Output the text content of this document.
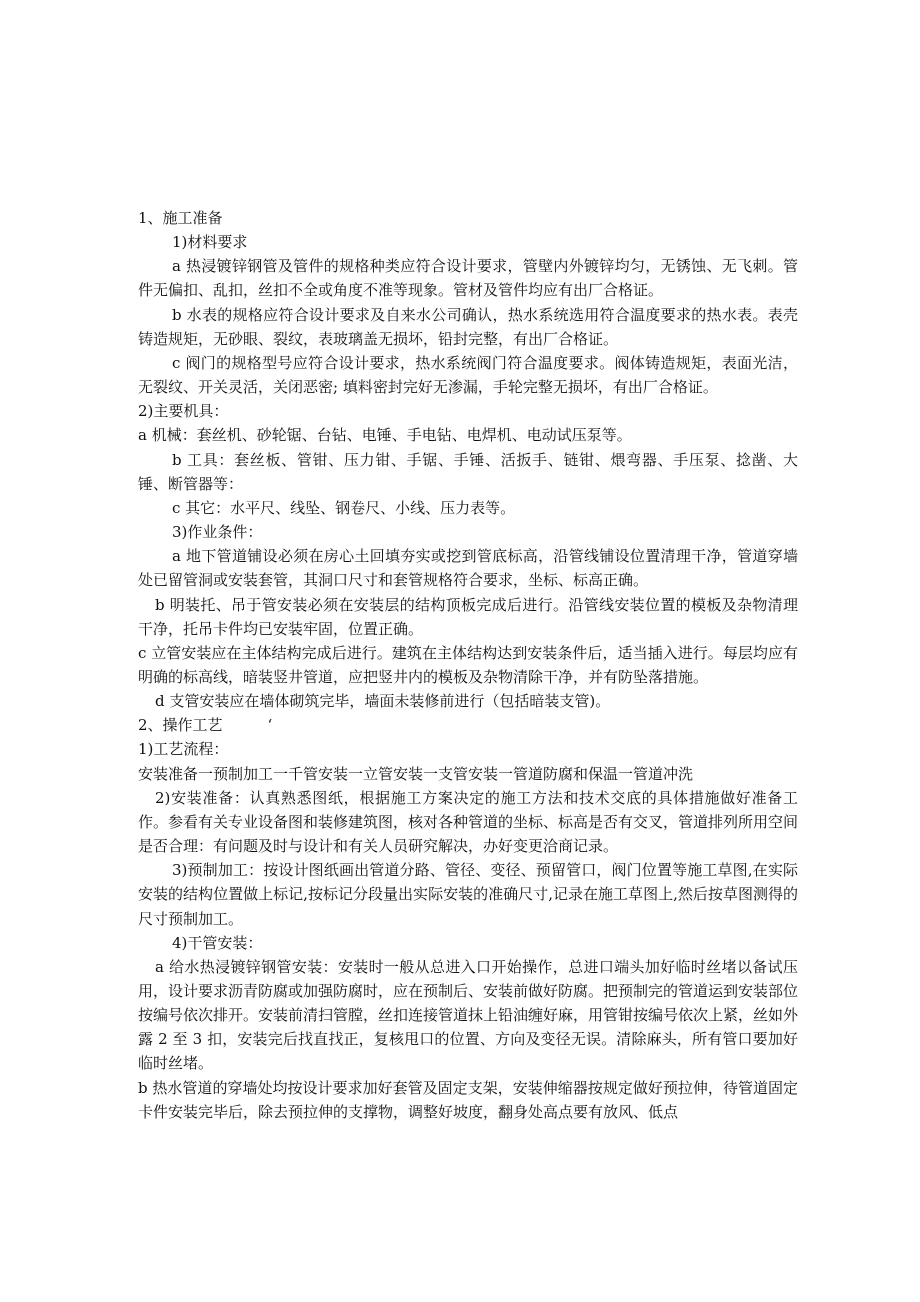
1、施工准备

1)材料要求

a 热浸镀锌钢管及管件的规格种类应符合设计要求，管壁内外镀锌均匀，无锈蚀、无飞刺。管件无偏扣、乱扣，丝扣不全或角度不准等现象。管材及管件均应有出厂合格证。

b 水表的规格应符合设计要求及自来水公司确认，热水系统选用符合温度要求的热水表。表壳铸造规矩，无砂眼、裂纹，表玻璃盖无损坏，铅封完整，有出厂合格证。

c 阀门的规格型号应符合设计要求，热水系统阀门符合温度要求。阀体铸造规矩，表面光洁，无裂纹、开关灵活，关闭恶密; 填料密封完好无渗漏，手轮完整无损坏，有出厂合格证。

2)主要机具：

a 机械：套丝机、砂轮锯、台钻、电锤、手电钻、电焊机、电动试压泵等。

b 工具：套丝板、管钳、压力钳、手锯、手锤、活扳手、链钳、煨弯器、手压泵、捻凿、大锤、断管器等：

c 其它：水平尺、线坠、钢卷尺、小线、压力表等。

3)作业条件：

a 地下管道铺设必须在房心土回填夯实或挖到管底标高，沿管线铺设位置清理干净，管道穿墙处已留管洞或安装套管，其洞口尺寸和套管规格符合要求，坐标、标高正确。

b 明装托、吊于管安装必须在安装层的结构顶板完成后进行。沿管线安装位置的模板及杂物清理干净，托吊卡件均已安装牢固，位置正确。

c 立管安装应在主体结构完成后进行。建筑在主体结构达到安装条件后，适当插入进行。每层均应有明确的标高线，暗装竖井管道，应把竖井内的模板及杂物清除干净，并有防坠落措施。

d 支管安装应在墙体砌筑完毕，墙面未装修前进行（包括暗装支管)。

2、操作工艺　　　‘

1)工艺流程：

安装准备一预制加工一千管安装一立管安装一支管安装一管道防腐和保温一管道冲洗

2)安装准备：认真熟悉图纸，根据施工方案决定的施工方法和技术交底的具体措施做好准备工作。参看有关专业设备图和装修建筑图，核对各种管道的坐标、标高是否有交叉，管道排列所用空间是否合理：有问题及时与设计和有关人员研究解决，办好变更洽商记录。

3)预制加工：按设计图纸画出管道分路、管径、变径、预留管口，阀门位置等施工草图,在实际安装的结构位置做上标记,按标记分段量出实际安装的准确尺寸,记录在施工草图上,然后按草图测得的尺寸预制加工。

4)干管安装：

a 给水热浸镀锌钢管安装：安装时一般从总进入口开始操作，总进口端头加好临时丝堵以备试压用，设计要求沥青防腐或加强防腐时，应在预制后、安装前做好防腐。把预制完的管道运到安装部位按编号依次排开。安装前清扫管膛，丝扣连接管道抹上铅油缠好麻，用管钳按编号依次上紧，丝如外露 2 至 3 扣，安装完后找直找正，复核甩口的位置、方向及变径无误。清除麻头，所有管口要加好临时丝堵。

b 热水管道的穿墙处均按设计要求加好套管及固定支架，安装伸缩器按规定做好预拉伸，待管道固定卡件安装完毕后，除去预拉伸的支撑物，调整好坡度，翻身处高点要有放风、低点
